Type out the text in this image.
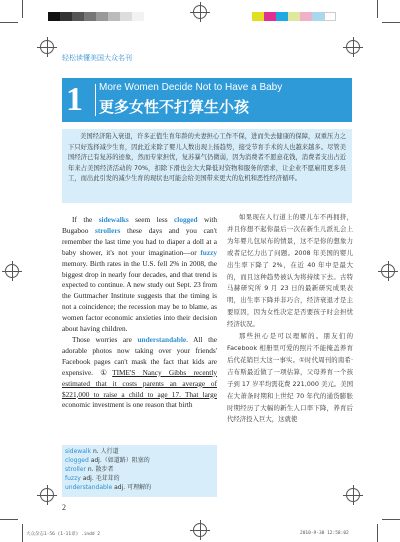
轻松读懂美国大众名刊
1 More Women Decide Not to Have a Baby
更多女性不打算生小孩
美国经济陷入衰退，许多正值生育年龄的夫妻担心工作不保，进而失去健康的保障，双重压力之下只好选择减少生育，因此近来除了婴儿人数出现上扬趋势，接受节育手术的人也越来越多。尽管美国经济已有复苏的迹象，然而专家担忧，复苏暴气仍微弱，因为消费者不愿意花钱，消费者支出占近年来占美国经济活动的 70%，扣除下滑也会大大降低对资物和服务的需求，让企业不愿雇用更多员工，而出此引发的减少生育的现状也可能会给美国带来更大的危机和恶性经济循环。

If the sidewalks seem less clogged with Bugaboo strollers these days and you can't remember the last time you had to diaper a doll at a baby shower, it's not your imagination—or fuzzy memory. Birth rates in the U.S. fell 2% in 2008, the biggest drop in nearly four decades, and that trend is expected to continue. A new study out Sept. 23 from the Guttmacher Institute suggests that the timing is not a coincidence; the recession may be to blame, as women factor economic anxieties into their decision about having children.

Those worries are understandable. All the adorable photos now taking over your friends' Facebook pages can't mask the fact that kids are expensive. ①TIME'S Nancy Gibbs recently estimated that it costs parents an average of $221,000 to raise a child to age 17. That large economic investment is one reason that birth

如果现在人行道上的婴儿车不再拥挤，并且你想不起你最后一次在新生儿派礼会上为年婴儿包尿布的情景，这不是你的想象力或者记忆力出了问题。2008 年美国的婴儿出生率下降了 2%，在近 40 年中是最大的，而且这种趋势被认为将持续下去。古特马赫研究所 9 月 23 日的最新研究成果表明，出生率下降并非巧合，经济衰退才是主要原因，因为女性决定是否要孩子时会担忧经济状况。

那些担心是可以理解的。朋友们的 Facebook 相册里可爱的照片不能掩盖养育后代花销巨大这一事实。①时代周刊的南希·吉布斯最近做了一项估算，父母养育一个孩子到 17 岁平均需花费 221,000 美元。美国在大萧条时期和上世纪 70 年代的通货膨胀时期经历了大幅的新生人口率下降，养育后代经济投入巨大，这就使

sidewalk n. 人行道
clogged adj.（如道路）阻塞的
stroller n. 散步者
fuzzy adj. 毛茸茸的
understandable adj. 可理解的
2
大众杂志1-56 (1-11章) .indd 2	2010-9-30 12:58:02
